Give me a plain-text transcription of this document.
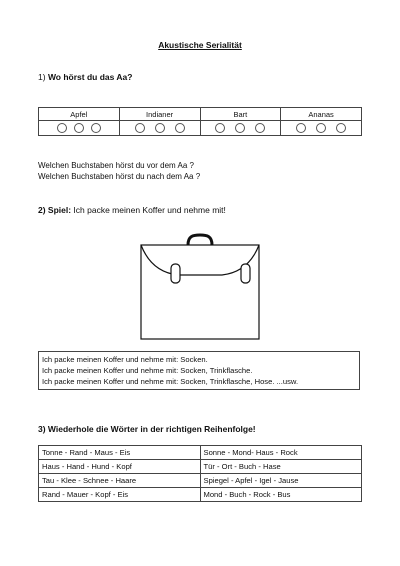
Akustische Serialität
1) Wo hörst du das Aa?
Apfel	Indianer	Bart	Ananas

Welchen Buchstaben hörst du vor dem Aa ?
Welchen Buchstaben hörst du nach dem Aa ?
2) Spiel: Ich packe meinen Koffer und nehme mit!
Ich packe meinen Koffer und nehme mit: Socken.
Ich packe meinen Koffer und nehme mit: Socken, Trinkflasche.
Ich packe meinen Koffer und nehme mit: Socken, Trinkflasche, Hose. ...usw.
3) Wiederhole die Wörter in der richtigen Reihenfolge!
Tonne - Rand - Maus - Eis	Sonne - Mond- Haus - Rock
Haus - Hand - Hund - Kopf	Tür - Ort - Buch - Hase
Tau - Klee - Schnee - Haare	Spiegel - Apfel - Igel - Jause
Rand - Mauer - Kopf - Eis	Mond - Buch - Rock - Bus
